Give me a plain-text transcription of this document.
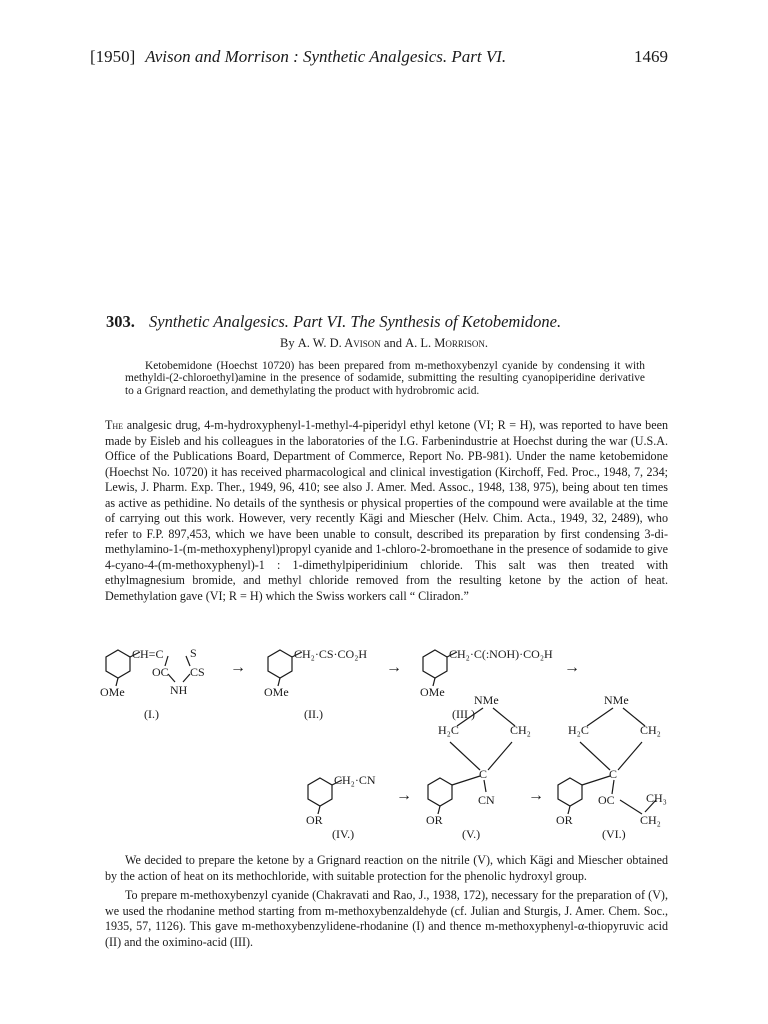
[1950] Avison and Morrison : Synthetic Analgesics. Part VI.	1469
303. Synthetic Analgesics. Part VI. The Synthesis of Ketobemidone.
By A. W. D. Avison and A. L. Morrison.
Ketobemidone (Hoechst 10720) has been prepared from m-methoxybenzyl cyanide by condensing it with methyldi-(2-chloroethyl)amine in the presence of sodamide, submitting the resulting cyanopiperidine derivative to a Grignard reaction, and demethylating the product with hydrobromic acid.
The analgesic drug, 4-m-hydroxyphenyl-1-methyl-4-piperidyl ethyl ketone (VI; R = H), was reported to have been made by Eisleb and his colleagues in the laboratories of the I.G. Farbenindustrie at Hoechst during the war (U.S.A. Office of the Publications Board, Department of Commerce, Report No. PB-981). Under the name ketobemidone (Hoechst No. 10720) it has received pharmacological and clinical investigation (Kirchoff, Fed. Proc., 1948, 7, 234; Lewis, J. Pharm. Exp. Ther., 1949, 96, 410; see also J. Amer. Med. Assoc., 1948, 138, 975), being about ten times as active as pethidine. No details of the synthesis or physical properties of the compound were available at the time of carrying out this work. However, very recently Kägi and Miescher (Helv. Chim. Acta., 1949, 32, 2489), who refer to F.P. 897,453, which we have been unable to consult, described its preparation by first condensing 3-di-methylamino-1-(m-methoxyphenyl)propyl cyanide and 1-chloro-2-bromoethane in the presence of sodamide to give 4-cyano-4-(m-methoxyphenyl)-1 : 1-dimethylpiperidinium chloride. This salt was then treated with ethylmagnesium bromide, and methyl chloride removed from the resulting ketone by the action of heat. Demethylation gave (VI; R = H) which the Swiss workers call “ Cliradon.”
CH=C S
OC CS
NH
OMe
(I.)
→
CH₂·CS·CO₂H
OMe
(II.)
→
CH₂·C(:NOH)·CO₂H
OMe
(III.)
→
CH₂·CN
OR
(IV.)
→
NMe
H₂C	CH₂
C
CN
OR
(V.)
→
NMe
H₂C	CH₂
C
OC	CH₃
CH₂
OR
(VI.)
We decided to prepare the ketone by a Grignard reaction on the nitrile (V), which Kägi and Miescher obtained by the action of heat on its methochloride, with suitable protection for the phenolic hydroxyl group.
To prepare m-methoxybenzyl cyanide (Chakravati and Rao, J., 1938, 172), necessary for the preparation of (V), we used the rhodanine method starting from m-methoxybenzaldehyde (cf. Julian and Sturgis, J. Amer. Chem. Soc., 1935, 57, 1126). This gave m-methoxybenzylidene-rhodanine (I) and thence m-methoxyphenyl-α-thiopyruvic acid (II) and the oximino-acid (III).
